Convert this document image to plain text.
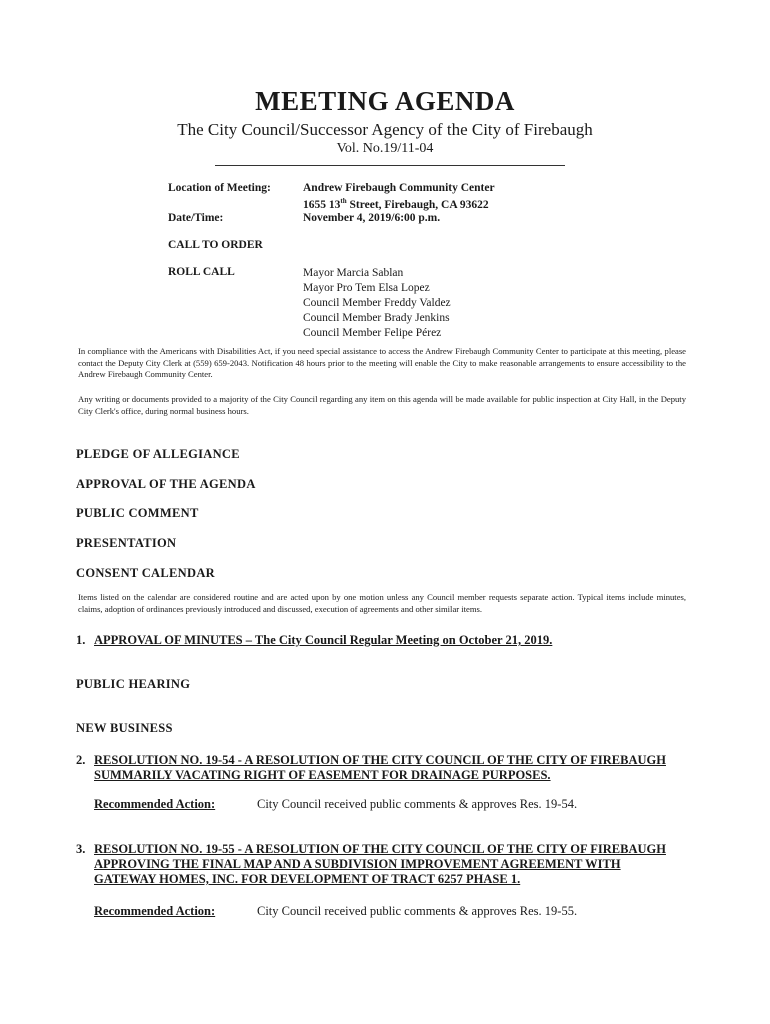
MEETING AGENDA
The City Council/Successor Agency of the City of Firebaugh
Vol. No.19/11-04
Location of Meeting:	Andrew Firebaugh Community Center
1655 13th Street, Firebaugh, CA 93622
Date/Time:	November 4, 2019/6:00 p.m.
CALL TO ORDER
ROLL CALL	Mayor Marcia Sablan
Mayor Pro Tem Elsa Lopez
Council Member Freddy Valdez
Council Member Brady Jenkins
Council Member Felipe Pérez
In compliance with the Americans with Disabilities Act, if you need special assistance to access the Andrew Firebaugh Community Center to participate at this meeting, please contact the Deputy City Clerk at (559) 659-2043. Notification 48 hours prior to the meeting will enable the City to make reasonable arrangements to ensure accessibility to the Andrew Firebaugh Community Center.
Any writing or documents provided to a majority of the City Council regarding any item on this agenda will be made available for public inspection at City Hall, in the Deputy City Clerk's office, during normal business hours.
PLEDGE OF ALLEGIANCE
APPROVAL OF THE AGENDA
PUBLIC COMMENT
PRESENTATION
CONSENT CALENDAR
Items listed on the calendar are considered routine and are acted upon by one motion unless any Council member requests separate action. Typical items include minutes, claims, adoption of ordinances previously introduced and discussed, execution of agreements and other similar items.
1. APPROVAL OF MINUTES – The City Council Regular Meeting on October 21, 2019.
PUBLIC HEARING
NEW BUSINESS
2. RESOLUTION NO. 19-54 - A RESOLUTION OF THE CITY COUNCIL OF THE CITY OF FIREBAUGH
SUMMARILY VACATING RIGHT OF EASEMENT FOR DRAINAGE PURPOSES.
Recommended Action:	City Council received public comments & approves Res. 19-54.
3. RESOLUTION NO. 19-55 - A RESOLUTION OF THE CITY COUNCIL OF THE CITY OF FIREBAUGH
APPROVING THE FINAL MAP AND A SUBDIVISION IMPROVEMENT AGREEMENT WITH
GATEWAY HOMES, INC. FOR DEVELOPMENT OF TRACT 6257 PHASE 1.
Recommended Action:	City Council received public comments & approves Res. 19-55.
